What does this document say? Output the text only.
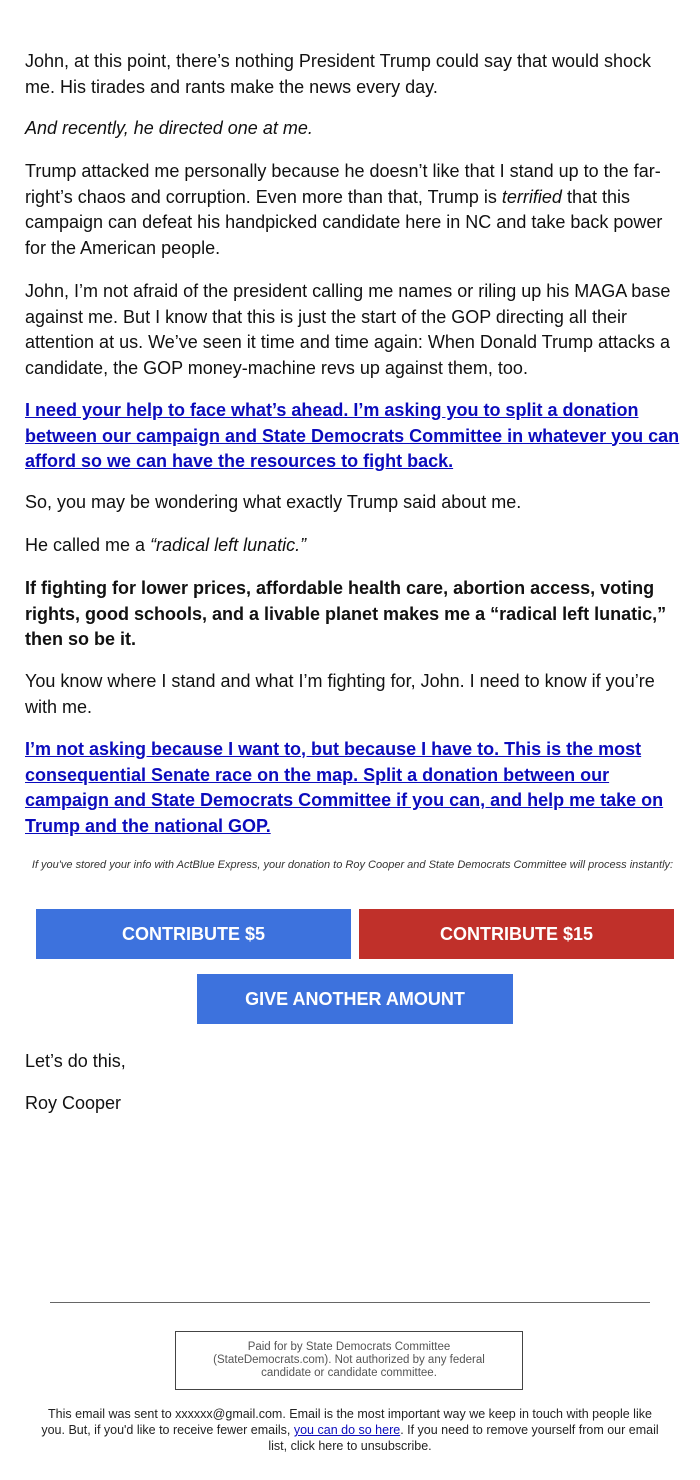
John, at this point, there’s nothing President Trump could say that would shock me. His tirades and rants make the news every day.

And recently, he directed one at me.

Trump attacked me personally because he doesn’t like that I stand up to the far-right’s chaos and corruption. Even more than that, Trump is terrified that this campaign can defeat his handpicked candidate here in NC and take back power for the American people.

John, I’m not afraid of the president calling me names or riling up his MAGA base against me. But I know that this is just the start of the GOP directing all their attention at us. We’ve seen it time and time again: When Donald Trump attacks a candidate, the GOP money-machine revs up against them, too.

I need your help to face what’s ahead. I’m asking you to split a donation between our campaign and State Democrats Committee in whatever you can afford so we can have the resources to fight back.

So, you may be wondering what exactly Trump said about me.

He called me a “radical left lunatic.”

If fighting for lower prices, affordable health care, abortion access, voting rights, good schools, and a livable planet makes me a “radical left lunatic,” then so be it.

You know where I stand and what I’m fighting for, John. I need to know if you’re with me.

I’m not asking because I want to, but because I have to. This is the most consequential Senate race on the map. Split a donation between our campaign and State Democrats Committee if you can, and help me take on Trump and the national GOP.

If you've stored your info with ActBlue Express, your donation to Roy Cooper and State Democrats Committee will process instantly:
CONTRIBUTE $5	CONTRIBUTE $15
GIVE ANOTHER AMOUNT

Let’s do this,

Roy Cooper

Paid for by State Democrats Committee (StateDemocrats.com). Not authorized by any federal candidate or candidate committee.
This email was sent to xxxxxx@gmail.com. Email is the most important way we keep in touch with people like you. But, if you'd like to receive fewer emails, you can do so here. If you need to remove yourself from our email list, click here to unsubscribe.
